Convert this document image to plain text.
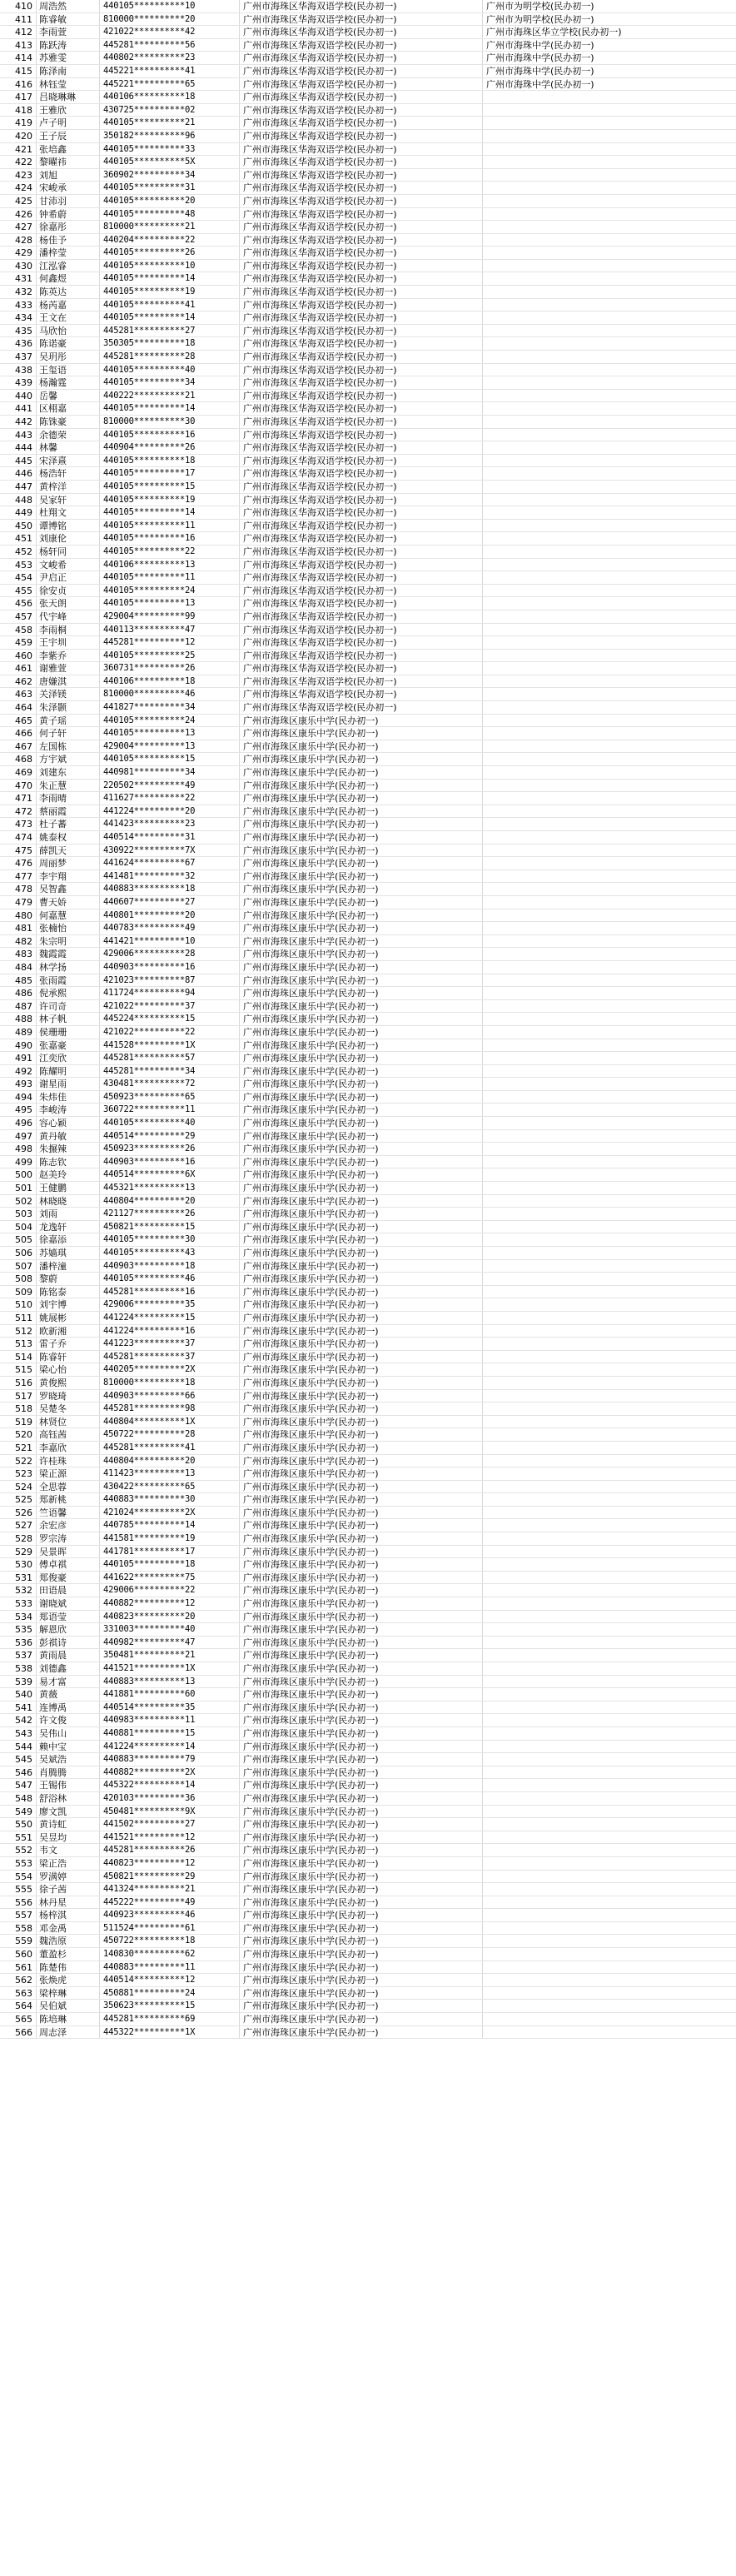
410 周浩然	440105**********10	广州市海珠区华海双语学校(民办初一)	广州市为明学校(民办初一)
411 陈睿敏	810000**********20	广州市海珠区华海双语学校(民办初一)	广州市为明学校(民办初一)
412 李雨萱	421022**********42	广州市海珠区华海双语学校(民办初一)	广州市海珠区华立学校(民办初一)
413 陈跃涛	445281**********56	广州市海珠区华海双语学校(民办初一)	广州市海珠中学(民办初一)
414 苏雅雯	440802**********23	广州市海珠区华海双语学校(民办初一)	广州市海珠中学(民办初一)
415 陈泽南	445221**********41	广州市海珠区华海双语学校(民办初一)	广州市海珠中学(民办初一)
416 林钰莹	445221**********65	广州市海珠区华海双语学校(民办初一)	广州市海珠中学(民办初一)
417 吕晓琳琳	440106**********18	广州市海珠区华海双语学校(民办初一)
418 王雅欣	430725**********02	广州市海珠区华海双语学校(民办初一)
419 卢子明	440105**********21	广州市海珠区华海双语学校(民办初一)
420 王子辰	350182**********96	广州市海珠区华海双语学校(民办初一)
421 张培鑫	440105**********33	广州市海珠区华海双语学校(民办初一)
422 黎曜祎	440105**********5X	广州市海珠区华海双语学校(民办初一)
423 刘旭	360902**********34	广州市海珠区华海双语学校(民办初一)
424 宋峻承	440105**********31	广州市海珠区华海双语学校(民办初一)
425 甘沛羽	440105**********20	广州市海珠区华海双语学校(民办初一)
426 钟希蔚	440105**********48	广州市海珠区华海双语学校(民办初一)
427 徐嘉彤	810000**********21	广州市海珠区华海双语学校(民办初一)
428 杨佳予	440204**********22	广州市海珠区华海双语学校(民办初一)
429 潘梓莹	440105**********26	广州市海珠区华海双语学校(民办初一)
430 江泓睿	440105**********10	广州市海珠区华海双语学校(民办初一)
431 何鑫煜	440105**********14	广州市海珠区华海双语学校(民办初一)
432 陈英达	440105**********19	广州市海珠区华海双语学校(民办初一)
433 杨芮嘉	440105**********41	广州市海珠区华海双语学校(民办初一)
434 王文在	440105**********14	广州市海珠区华海双语学校(民办初一)
435 马欣怡	445281**********27	广州市海珠区华海双语学校(民办初一)
436 陈诺豪	350305**********18	广州市海珠区华海双语学校(民办初一)
437 吴玥彤	445281**********28	广州市海珠区华海双语学校(民办初一)
438 王玺语	440105**********40	广州市海珠区华海双语学校(民办初一)
439 杨瀚霆	440105**********34	广州市海珠区华海双语学校(民办初一)
440 岳馨	440222**********21	广州市海珠区华海双语学校(民办初一)
441 区栩嘉	440105**********14	广州市海珠区华海双语学校(民办初一)
442 陈铢豪	810000**********30	广州市海珠区华海双语学校(民办初一)
443 余德荣	440105**********16	广州市海珠区华海双语学校(民办初一)
444 林馨	440904**********26	广州市海珠区华海双语学校(民办初一)
445 宋泽熹	440105**********18	广州市海珠区华海双语学校(民办初一)
446 杨浩轩	440105**********17	广州市海珠区华海双语学校(民办初一)
447 黄梓洋	440105**********15	广州市海珠区华海双语学校(民办初一)
448 吴家轩	440105**********19	广州市海珠区华海双语学校(民办初一)
449 杜翔文	440105**********14	广州市海珠区华海双语学校(民办初一)
450 谭博铭	440105**********11	广州市海珠区华海双语学校(民办初一)
451 刘康伦	440105**********16	广州市海珠区华海双语学校(民办初一)
452 杨轩同	440105**********22	广州市海珠区华海双语学校(民办初一)
453 文峻希	440106**********13	广州市海珠区华海双语学校(民办初一)
454 尹启正	440105**********11	广州市海珠区华海双语学校(民办初一)
455 徐安贞	440105**********24	广州市海珠区华海双语学校(民办初一)
456 张天朗	440105**********13	广州市海珠区华海双语学校(民办初一)
457 代宇峰	429004**********99	广州市海珠区华海双语学校(民办初一)
458 李雨桐	440113**********47	广州市海珠区华海双语学校(民办初一)
459 王宇圳	445281**********12	广州市海珠区华海双语学校(民办初一)
460 李紫乔	440105**********25	广州市海珠区华海双语学校(民办初一)
461 谢雅萱	360731**********26	广州市海珠区华海双语学校(民办初一)
462 唐嫌淇	440106**********18	广州市海珠区华海双语学校(民办初一)
463 关泽镁	810000**********46	广州市海珠区华海双语学校(民办初一)
464 朱泽颢	441827**********34	广州市海珠区华海双语学校(民办初一)
465 黄子瑶	440105**********24	广州市海珠区康乐中学(民办初一)
466 何子轩	440105**********13	广州市海珠区康乐中学(民办初一)
467 左国栋	429004**********13	广州市海珠区康乐中学(民办初一)
468 方宇斌	440105**********15	广州市海珠区康乐中学(民办初一)
469 刘建东	440981**********34	广州市海珠区康乐中学(民办初一)
470 朱正慧	220502**********49	广州市海珠区康乐中学(民办初一)
471 李雨晴	411627**********22	广州市海珠区康乐中学(民办初一)
472 蔡丽霞	441224**********20	广州市海珠区康乐中学(民办初一)
473 杜子蕃	441423**********23	广州市海珠区康乐中学(民办初一)
474 姚泰权	440514**********31	广州市海珠区康乐中学(民办初一)
475 薛凯天	430922**********7X	广州市海珠区康乐中学(民办初一)
476 周丽梦	441624**********67	广州市海珠区康乐中学(民办初一)
477 李宇翔	441481**********32	广州市海珠区康乐中学(民办初一)
478 吴智鑫	440883**********18	广州市海珠区康乐中学(民办初一)
479 曹天娇	440607**********27	广州市海珠区康乐中学(民办初一)
480 何嘉慧	440801**********20	广州市海珠区康乐中学(民办初一)
481 张楠怡	440783**********49	广州市海珠区康乐中学(民办初一)
482 朱宗明	441421**********10	广州市海珠区康乐中学(民办初一)
483 魏霞霞	429006**********28	广州市海珠区康乐中学(民办初一)
484 林学扬	440903**********16	广州市海珠区康乐中学(民办初一)
485 张雨霞	421023**********87	广州市海珠区康乐中学(民办初一)
486 倪承熙	411724**********94	广州市海珠区康乐中学(民办初一)
487 许司奇	421022**********37	广州市海珠区康乐中学(民办初一)
488 林子帆	445224**********15	广州市海珠区康乐中学(民办初一)
489 侯珊珊	421022**********22	广州市海珠区康乐中学(民办初一)
490 张嘉豪	441528**********1X	广州市海珠区康乐中学(民办初一)
491 江奕欣	445281**********57	广州市海珠区康乐中学(民办初一)
492 陈耀明	445281**********34	广州市海珠区康乐中学(民办初一)
493 谢星雨	430481**********72	广州市海珠区康乐中学(民办初一)
494 朱炜佳	450923**********65	广州市海珠区康乐中学(民办初一)
495 李峻涛	360722**********11	广州市海珠区康乐中学(民办初一)
496 容心颖	440105**********40	广州市海珠区康乐中学(民办初一)
497 黄丹敏	440514**********29	广州市海珠区康乐中学(民办初一)
498 朱搌辣	450923**********26	广州市海珠区康乐中学(民办初一)
499 陈志钦	440903**********16	广州市海珠区康乐中学(民办初一)
500 赵美玲	440514**********6X	广州市海珠区康乐中学(民办初一)
501 王健鹏	445321**********13	广州市海珠区康乐中学(民办初一)
502 林晓晓	440804**********20	广州市海珠区康乐中学(民办初一)
503 刘雨	421127**********26	广州市海珠区康乐中学(民办初一)
504 龙逸轩	450821**********15	广州市海珠区康乐中学(民办初一)
505 徐嘉添	440105**********30	广州市海珠区康乐中学(民办初一)
506 苏嫱琪	440105**********43	广州市海珠区康乐中学(民办初一)
507 潘梓潼	440903**********18	广州市海珠区康乐中学(民办初一)
508 黎蔚	440105**********46	广州市海珠区康乐中学(民办初一)
509 陈铭泰	445281**********16	广州市海珠区康乐中学(民办初一)
510 刘宇博	429006**********35	广州市海珠区康乐中学(民办初一)
511 姚展彬	441224**********15	广州市海珠区康乐中学(民办初一)
512 欧新湘	441224**********16	广州市海珠区康乐中学(民办初一)
513 雷子乔	441223**********37	广州市海珠区康乐中学(民办初一)
514 陈睿轩	445281**********37	广州市海珠区康乐中学(民办初一)
515 梁心怡	440205**********2X	广州市海珠区康乐中学(民办初一)
516 黄俊熙	810000**********18	广州市海珠区康乐中学(民办初一)
517 罗晓琦	440903**********66	广州市海珠区康乐中学(民办初一)
518 吴楚冬	445281**********98	广州市海珠区康乐中学(民办初一)
519 林贤位	440804**********1X	广州市海珠区康乐中学(民办初一)
520 高钰茜	450722**********28	广州市海珠区康乐中学(民办初一)
521 李嘉欣	445281**********41	广州市海珠区康乐中学(民办初一)
522 许桂珠	440804**********20	广州市海珠区康乐中学(民办初一)
523 梁正源	411423**********13	广州市海珠区康乐中学(民办初一)
524 全思蓉	430422**********65	广州市海珠区康乐中学(民办初一)
525 郑新桃	440883**********30	广州市海珠区康乐中学(民办初一)
526 竺语馨	421024**********2X	广州市海珠区康乐中学(民办初一)
527 余宏彦	440785**********14	广州市海珠区康乐中学(民办初一)
528 罗宗涛	441581**********19	广州市海珠区康乐中学(民办初一)
529 吴景晖	441781**********17	广州市海珠区康乐中学(民办初一)
530 傅卓祺	440105**********18	广州市海珠区康乐中学(民办初一)
531 郑俊豪	441622**********75	广州市海珠区康乐中学(民办初一)
532 田语晨	429006**********22	广州市海珠区康乐中学(民办初一)
533 谢晓斌	440882**********12	广州市海珠区康乐中学(民办初一)
534 郑语莹	440823**********20	广州市海珠区康乐中学(民办初一)
535 解恩欣	331003**********40	广州市海珠区康乐中学(民办初一)
536 彭祺诗	440982**********47	广州市海珠区康乐中学(民办初一)
537 黄雨晨	350481**********21	广州市海珠区康乐中学(民办初一)
538 刘德鑫	441521**********1X	广州市海珠区康乐中学(民办初一)
539 易才富	440883**********13	广州市海珠区康乐中学(民办初一)
540 黄薇	441881**********60	广州市海珠区康乐中学(民办初一)
541 连博禹	440514**********35	广州市海珠区康乐中学(民办初一)
542 许文俊	440983**********11	广州市海珠区康乐中学(民办初一)
543 吴伟山	440881**********15	广州市海珠区康乐中学(民办初一)
544 赖中宝	441224**********14	广州市海珠区康乐中学(民办初一)
545 吴斌浩	440883**********79	广州市海珠区康乐中学(民办初一)
546 肖腾腾	440882**********2X	广州市海珠区康乐中学(民办初一)
547 王锡伟	445322**********14	广州市海珠区康乐中学(民办初一)
548 舒浴林	420103**********36	广州市海珠区康乐中学(民办初一)
549 廖文凯	450481**********9X	广州市海珠区康乐中学(民办初一)
550 黄诗虹	441502**********27	广州市海珠区康乐中学(民办初一)
551 吴昱均	441521**********12	广州市海珠区康乐中学(民办初一)
552 韦文	445281**********26	广州市海珠区康乐中学(民办初一)
553 梁正浩	440823**********12	广州市海珠区康乐中学(民办初一)
554 罗满婷	450821**********29	广州市海珠区康乐中学(民办初一)
555 徐子茜	441324**********21	广州市海珠区康乐中学(民办初一)
556 林丹星	445222**********49	广州市海珠区康乐中学(民办初一)
557 杨梓淇	440923**********46	广州市海珠区康乐中学(民办初一)
558 邓金禹	511524**********61	广州市海珠区康乐中学(民办初一)
559 魏浩原	450722**********18	广州市海珠区康乐中学(民办初一)
560 董盈杉	140830**********62	广州市海珠区康乐中学(民办初一)
561 陈楚伟	440883**********11	广州市海珠区康乐中学(民办初一)
562 张焕虎	440514**********12	广州市海珠区康乐中学(民办初一)
563 梁梓琳	450881**********24	广州市海珠区康乐中学(民办初一)
564 吴伯斌	350623**********15	广州市海珠区康乐中学(民办初一)
565 陈培琳	445281**********69	广州市海珠区康乐中学(民办初一)
566 周志泽	445322**********1X	广州市海珠区康乐中学(民办初一)
